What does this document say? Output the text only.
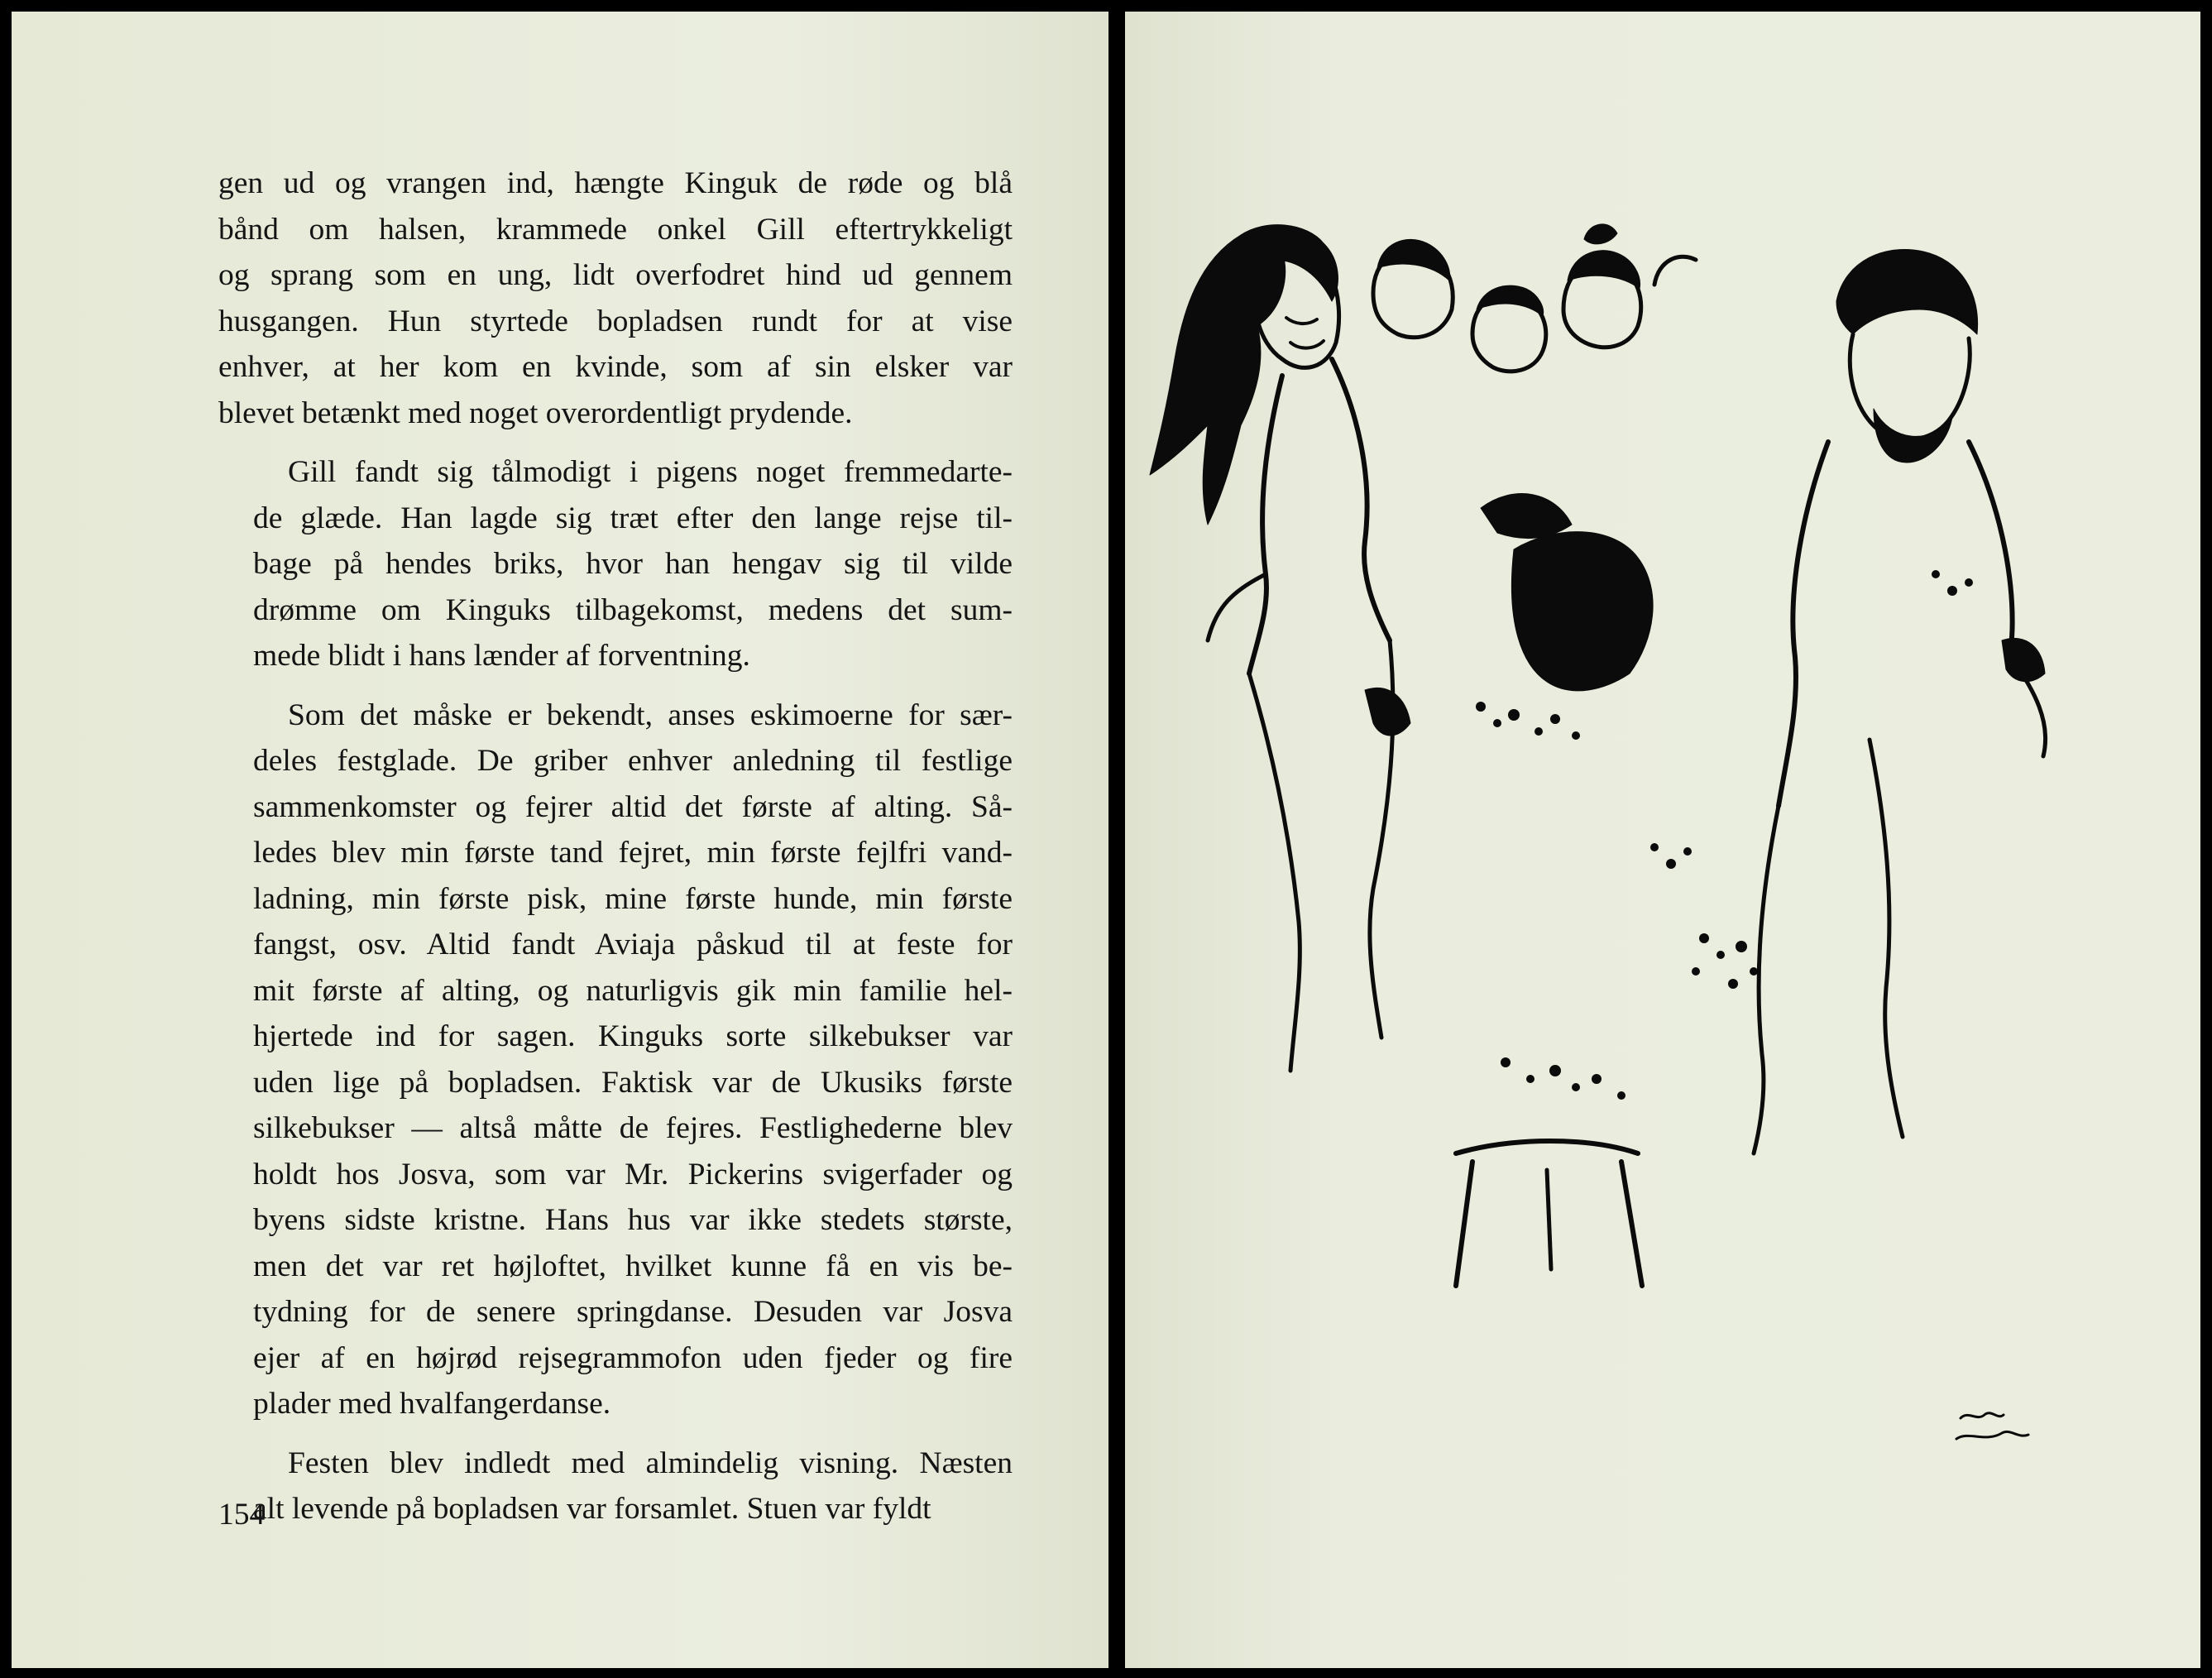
gen ud og vrangen ind, hængte Kinguk de røde og blå
bånd om halsen, krammede onkel Gill eftertrykkeligt
og sprang som en ung, lidt overfodret hind ud gennem
husgangen. Hun styrtede bopladsen rundt for at vise
enhver, at her kom en kvinde, som af sin elsker var
blevet betænkt med noget overordentligt prydende.
Gill fandt sig tålmodigt i pigens noget fremmedarte-
de glæde. Han lagde sig træt efter den lange rejse til-
bage på hendes briks, hvor han hengav sig til vilde
drømme om Kinguks tilbagekomst, medens det sum-
mede blidt i hans lænder af forventning.
Som det måske er bekendt, anses eskimoerne for sær-
deles festglade. De griber enhver anledning til festlige
sammenkomster og fejrer altid det første af alting. Så-
ledes blev min første tand fejret, min første fejlfri vand-
ladning, min første pisk, mine første hunde, min første
fangst, osv. Altid fandt Aviaja påskud til at feste for
mit første af alting, og naturligvis gik min familie hel-
hjertede ind for sagen. Kinguks sorte silkebukser var
uden lige på bopladsen. Faktisk var de Ukusiks første
silkebukser — altså måtte de fejres. Festlighederne blev
holdt hos Josva, som var Mr. Pickerins svigerfader og
byens sidste kristne. Hans hus var ikke stedets største,
men det var ret højloftet, hvilket kunne få en vis be-
tydning for de senere springdanse. Desuden var Josva
ejer af en højrød rejsegrammofon uden fjeder og fire
plader med hvalfangerdanse.
Festen blev indledt med almindelig visning. Næsten
alt levende på bopladsen var forsamlet. Stuen var fyldt
154
